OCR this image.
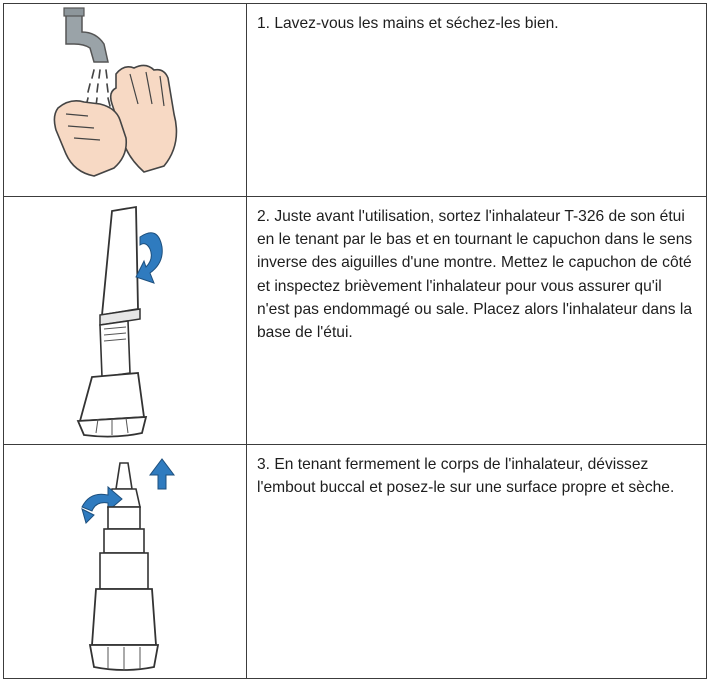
1. Lavez-vous les mains et séchez-les bien.

2. Juste avant l'utilisation, sortez l'inhalateur T-326 de son étui en le tenant par le bas et en tournant le capuchon dans le sens inverse des aiguilles d'une montre. Mettez le capuchon de côté et inspectez brièvement l'inhalateur pour vous assurer qu'il n'est pas endommagé ou sale. Placez alors l'inhalateur dans la base de l'étui.

3. En tenant fermement le corps de l'inhalateur, dévissez l'embout buccal et posez-le sur une surface propre et sèche.
